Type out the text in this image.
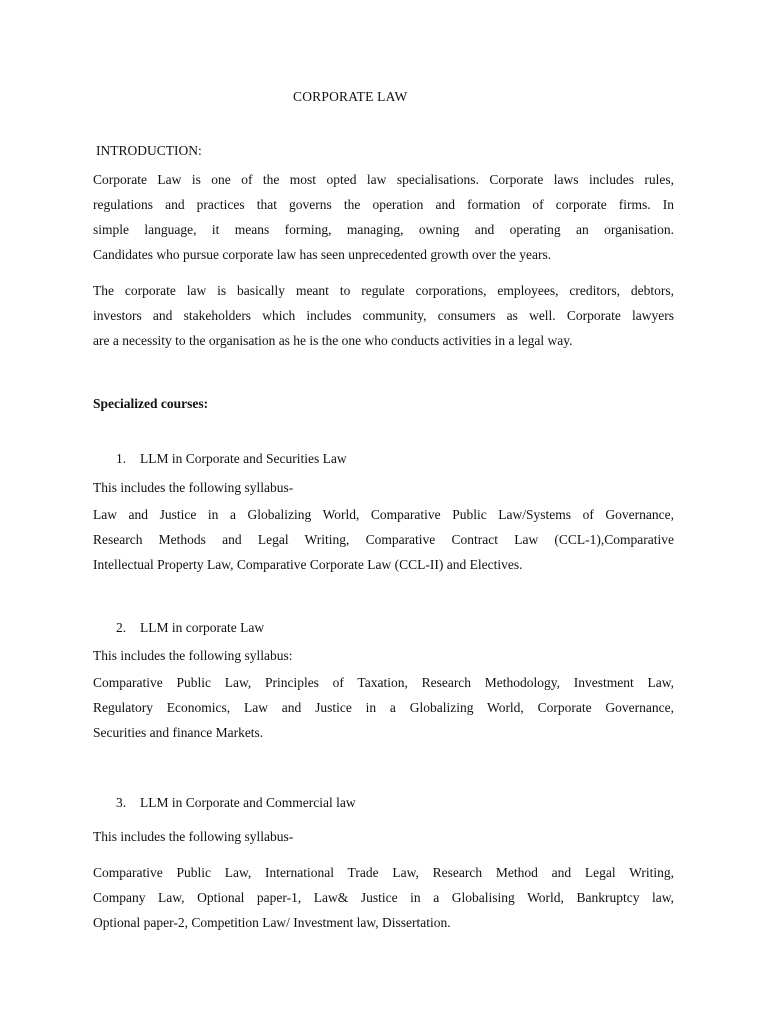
CORPORATE LAW
INTRODUCTION:
Corporate Law is one of the most opted law specialisations. Corporate laws includes rules,
regulations and practices that governs the operation and formation of corporate firms. In
simple language, it means forming, managing, owning and operating an organisation.
Candidates who pursue corporate law has seen unprecedented growth over the years.
The corporate law is basically meant to regulate corporations, employees, creditors, debtors,
investors and stakeholders which includes community, consumers as well. Corporate lawyers
are a necessity to the organisation as he is the one who conducts activities in a legal way.
Specialized courses:
1. LLM in Corporate and Securities Law
This includes the following syllabus-
Law and Justice in a Globalizing World, Comparative Public Law/Systems of Governance,
Research Methods and Legal Writing, Comparative Contract Law (CCL-1),Comparative
Intellectual Property Law, Comparative Corporate Law (CCL-II) and Electives.
2. LLM in corporate Law
This includes the following syllabus:
Comparative Public Law, Principles of Taxation, Research Methodology, Investment Law,
Regulatory Economics, Law and Justice in a Globalizing World, Corporate Governance,
Securities and finance Markets.
3. LLM in Corporate and Commercial law
This includes the following syllabus-
Comparative Public Law, International Trade Law, Research Method and Legal Writing,
Company Law, Optional paper-1, Law& Justice in a Globalising World, Bankruptcy law,
Optional paper-2, Competition Law/ Investment law, Dissertation.
